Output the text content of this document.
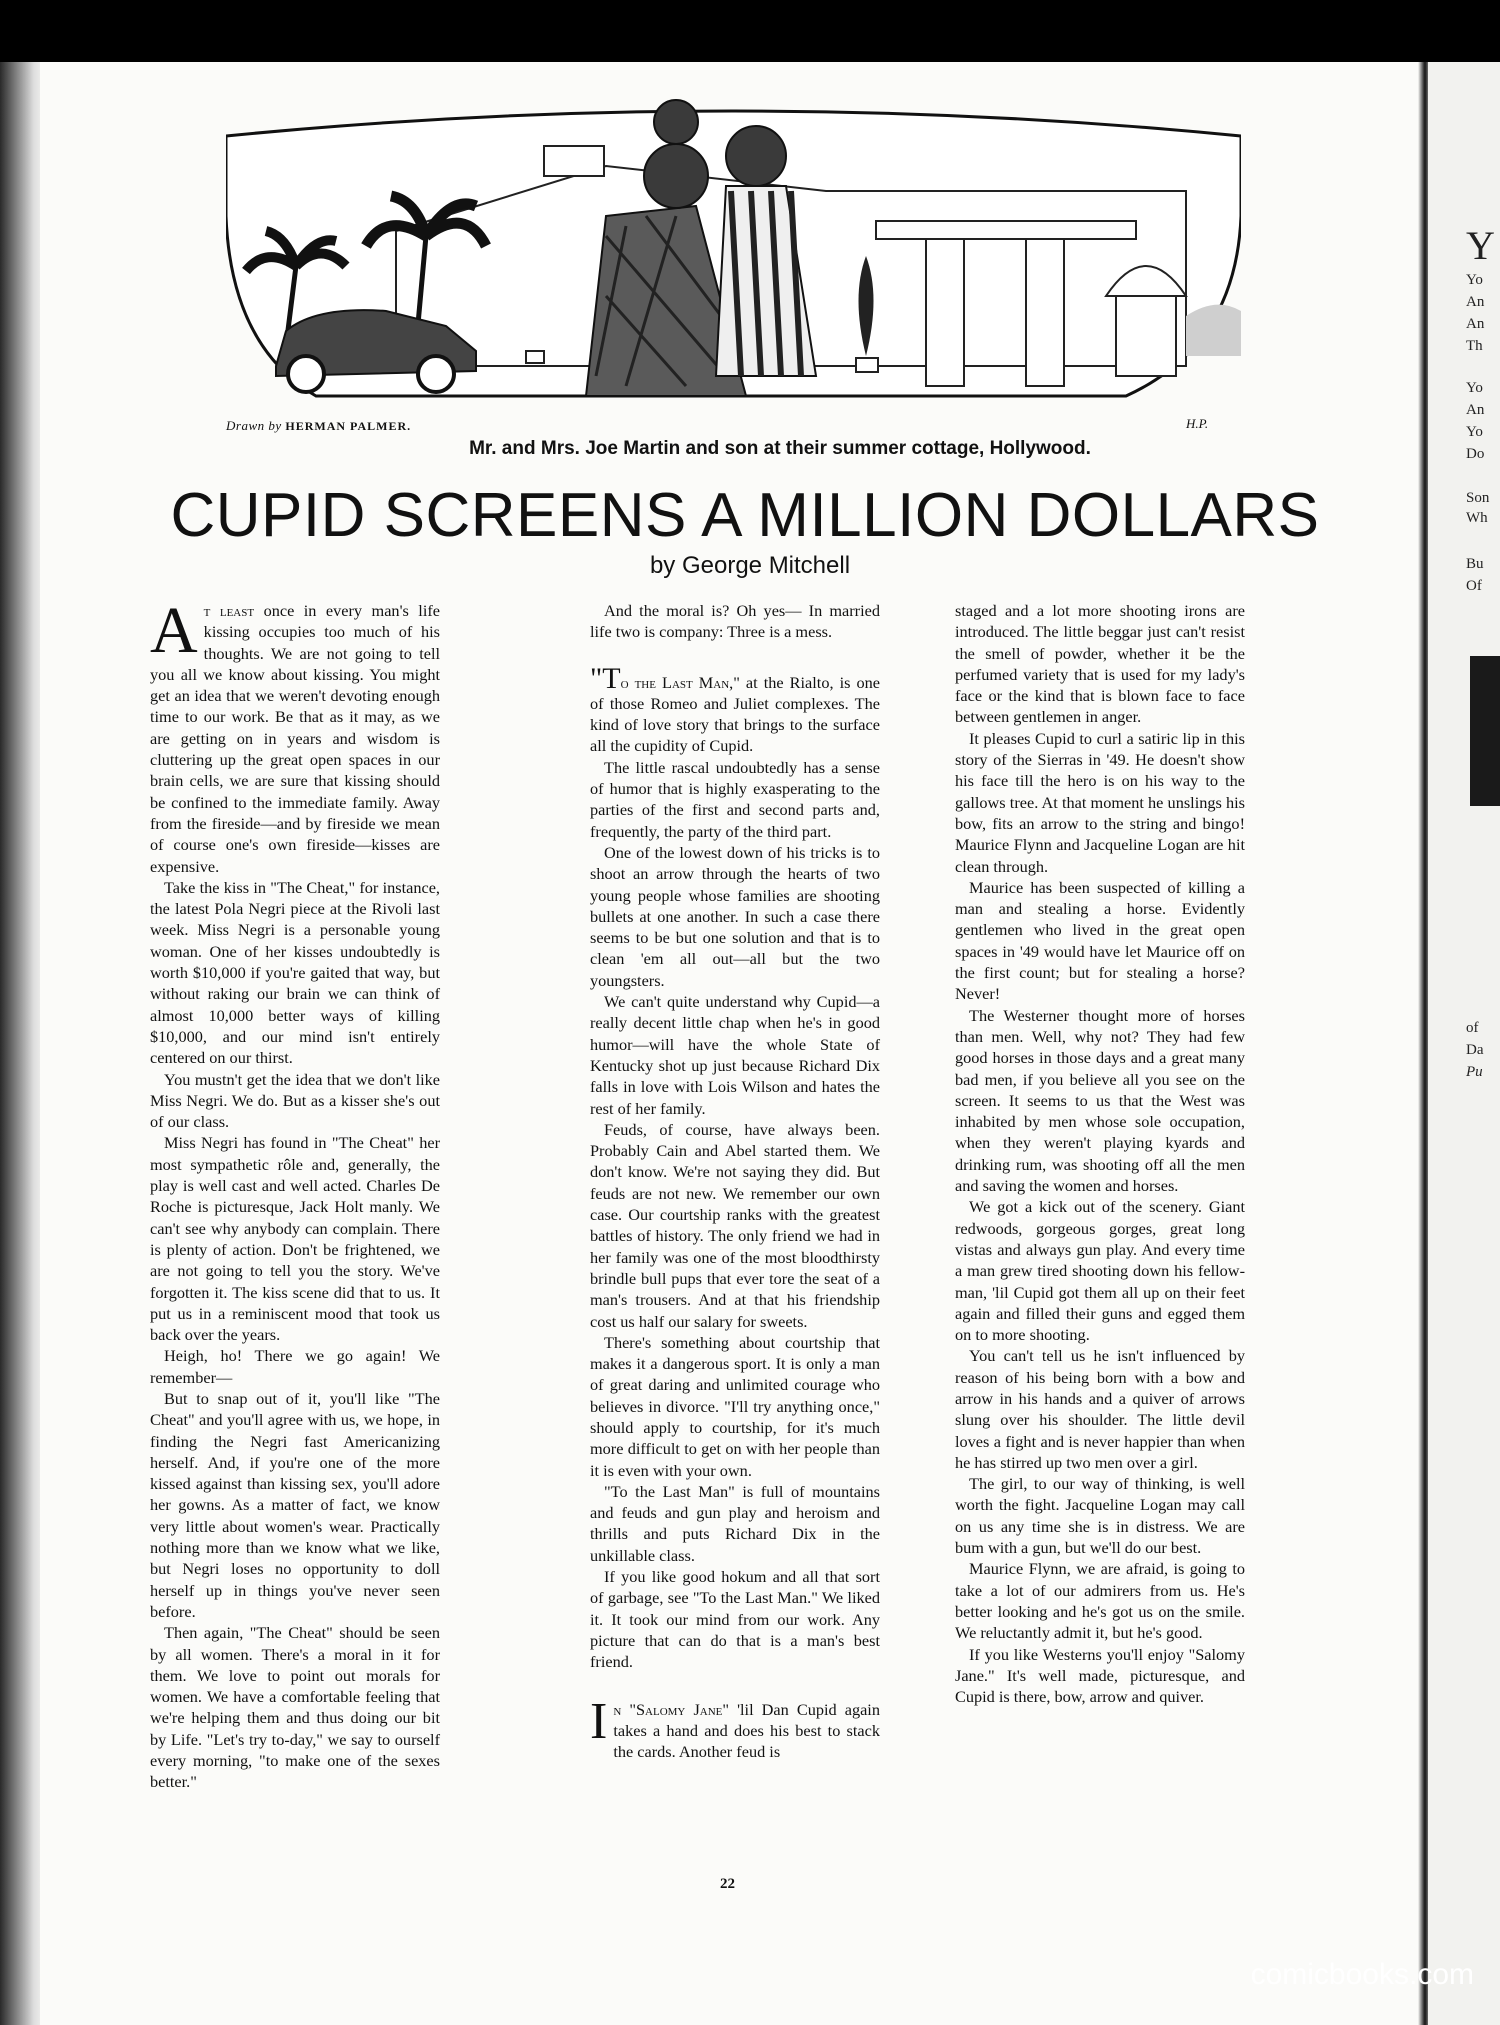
Y
Yo
An
An
Th
Yo
An
Yo
Do
Son
Wh
Bu
Of
of
Da
Pu
Drawn by HERMAN PALMER.	H.P.
Mr. and Mrs. Joe Martin and son at their summer cottage, Hollywood.
CUPID SCREENS A MILLION DOLLARS
by George Mitchell

At least once in every man's life kissing occupies too much of his thoughts. We are not going to tell you all we know about kissing. You might get an idea that we weren't devoting enough time to our work. Be that as it may, as we are getting on in years and wisdom is cluttering up the great open spaces in our brain cells, we are sure that kissing should be confined to the immediate family. Away from the fireside—and by fireside we mean of course one's own fireside—kisses are expensive.

Take the kiss in "The Cheat," for instance, the latest Pola Negri piece at the Rivoli last week. Miss Negri is a personable young woman. One of her kisses undoubtedly is worth $10,000 if you're gaited that way, but without raking our brain we can think of almost 10,000 better ways of killing $10,000, and our mind isn't entirely centered on our thirst.

You mustn't get the idea that we don't like Miss Negri. We do. But as a kisser she's out of our class.

Miss Negri has found in "The Cheat" her most sympathetic rôle and, generally, the play is well cast and well acted. Charles De Roche is picturesque, Jack Holt manly. We can't see why anybody can complain. There is plenty of action. Don't be frightened, we are not going to tell you the story. We've forgotten it. The kiss scene did that to us. It put us in a reminiscent mood that took us back over the years.

Heigh, ho! There we go again! We remember—

But to snap out of it, you'll like "The Cheat" and you'll agree with us, we hope, in finding the Negri fast Americanizing herself. And, if you're one of the more kissed against than kissing sex, you'll adore her gowns. As a matter of fact, we know very little about women's wear. Practically nothing more than we know what we like, but Negri loses no opportunity to doll herself up in things you've never seen before.

Then again, "The Cheat" should be seen by all women. There's a moral in it for them. We love to point out morals for women. We have a comfortable feeling that we're helping them and thus doing our bit by Life. "Let's try to-day," we say to ourself every morning, "to make one of the sexes better."

And the moral is? Oh yes— In married life two is company: Three is a mess.

"To the Last Man," at the Rialto, is one of those Romeo and Juliet complexes. The kind of love story that brings to the surface all the cupidity of Cupid.

The little rascal undoubtedly has a sense of humor that is highly exasperating to the parties of the first and second parts and, frequently, the party of the third part.

One of the lowest down of his tricks is to shoot an arrow through the hearts of two young people whose families are shooting bullets at one another. In such a case there seems to be but one solution and that is to clean 'em all out—all but the two youngsters.

We can't quite understand why Cupid—a really decent little chap when he's in good humor—will have the whole State of Kentucky shot up just because Richard Dix falls in love with Lois Wilson and hates the rest of her family.

Feuds, of course, have always been. Probably Cain and Abel started them. We don't know. We're not saying they did. But feuds are not new. We remember our own case. Our courtship ranks with the greatest battles of history. The only friend we had in her family was one of the most bloodthirsty brindle bull pups that ever tore the seat of a man's trousers. And at that his friendship cost us half our salary for sweets.

There's something about courtship that makes it a dangerous sport. It is only a man of great daring and unlimited courage who believes in divorce. "I'll try anything once," should apply to courtship, for it's much more difficult to get on with her people than it is even with your own.

"To the Last Man" is full of mountains and feuds and gun play and heroism and thrills and puts Richard Dix in the unkillable class.

If you like good hokum and all that sort of garbage, see "To the Last Man." We liked it. It took our mind from our work. Any picture that can do that is a man's best friend.

In "Salomy Jane" 'lil Dan Cupid again takes a hand and does his best to stack the cards. Another feud is

staged and a lot more shooting irons are introduced. The little beggar just can't resist the smell of powder, whether it be the perfumed variety that is used for my lady's face or the kind that is blown face to face between gentlemen in anger.

It pleases Cupid to curl a satiric lip in this story of the Sierras in '49. He doesn't show his face till the hero is on his way to the gallows tree. At that moment he unslings his bow, fits an arrow to the string and bingo! Maurice Flynn and Jacqueline Logan are hit clean through.

Maurice has been suspected of killing a man and stealing a horse. Evidently gentlemen who lived in the great open spaces in '49 would have let Maurice off on the first count; but for stealing a horse? Never!

The Westerner thought more of horses than men. Well, why not? They had few good horses in those days and a great many bad men, if you believe all you see on the screen. It seems to us that the West was inhabited by men whose sole occupation, when they weren't playing kyards and drinking rum, was shooting off all the men and saving the women and horses.

We got a kick out of the scenery. Giant redwoods, gorgeous gorges, great long vistas and always gun play. And every time a man grew tired shooting down his fellow-man, 'lil Cupid got them all up on their feet again and filled their guns and egged them on to more shooting.

You can't tell us he isn't influenced by reason of his being born with a bow and arrow in his hands and a quiver of arrows slung over his shoulder. The little devil loves a fight and is never happier than when he has stirred up two men over a girl.

The girl, to our way of thinking, is well worth the fight. Jacqueline Logan may call on us any time she is in distress. We are bum with a gun, but we'll do our best.

Maurice Flynn, we are afraid, is going to take a lot of our admirers from us. He's better looking and he's got us on the smile. We reluctantly admit it, but he's good.

If you like Westerns you'll enjoy "Salomy Jane." It's well made, picturesque, and Cupid is there, bow, arrow and quiver.

22
comicbooks.com
